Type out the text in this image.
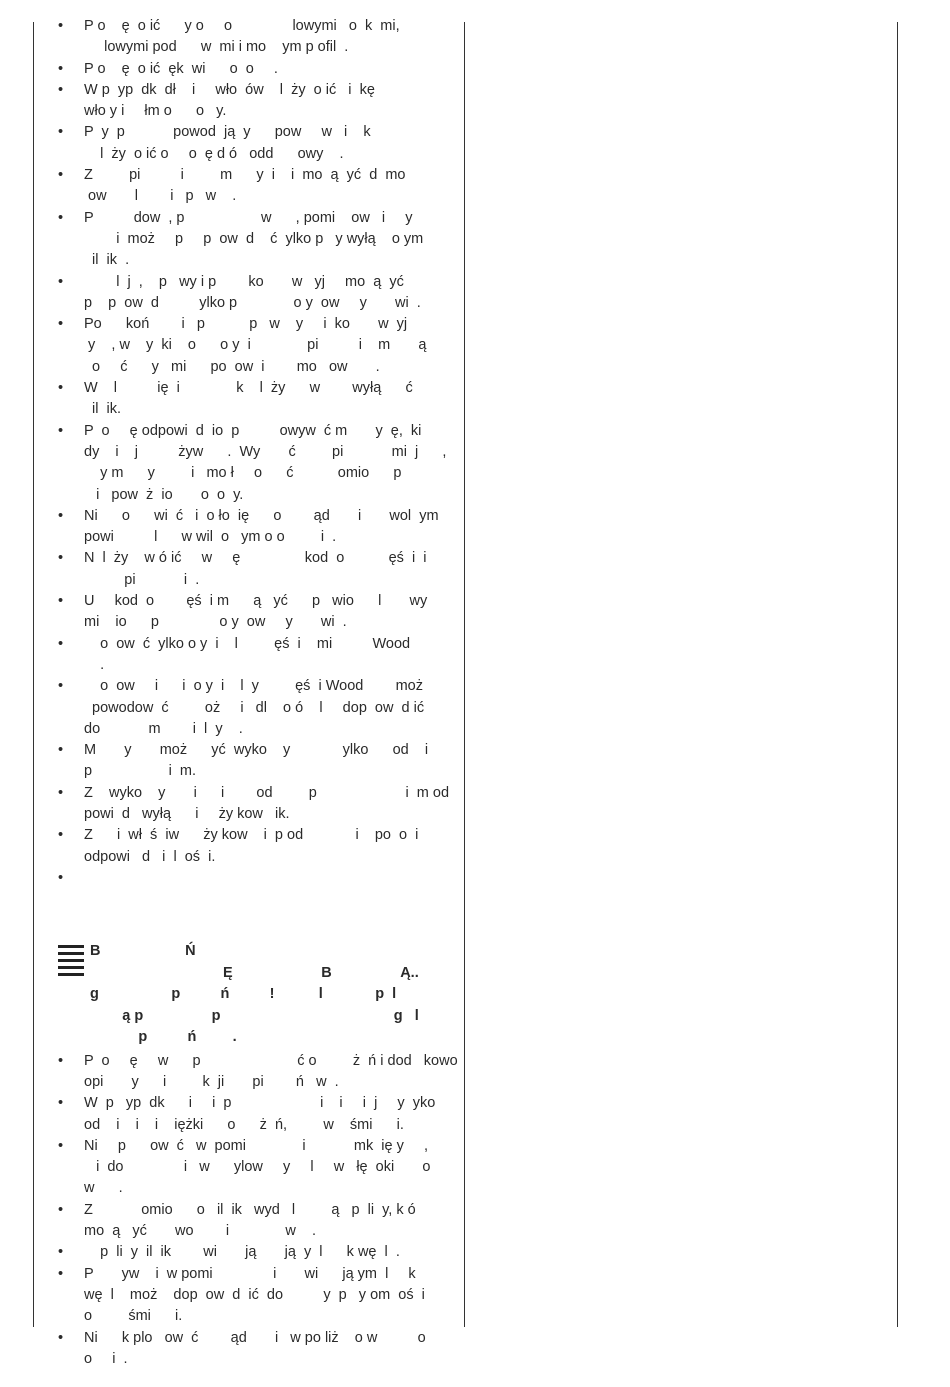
• P o    ę  o ić      y o     o               lowymi   o  k  mi,
lowymi pod      w  mi i mo    ym p ofil  .
• P o    ę  o ić  ęk  wi      o  o     .
• W p  yp  dk  dł    i     wło  ów    l  ży  o ić   i  kę
wło y i     łm o      o   y.
• P  y  p            powod  ją  y      pow     w   i    k
l  ży  o ić o     o  ę d ó   odd      owy    .
• Z         pi          i         m      y  i    i  mo  ą  yć  d  mo
ow       l        i   p   w    .
• P          dow  , p                   w      , pomi    ow   i     y
i  moż     p     p  ow  d    ć  ylko p   y wyłą    o ym
il  ik  .
•         l  j  ,    p   wy i p        ko       w   yj     mo  ą  yć
p    p  ow  d          ylko p              o y  ow     y       wi  .
• Po      koń        i   p           p   w    y     i  ko       w  yj
y    , w    y  ki    o      o y  i              pi          i    m       ą
o     ć      y   mi      po  ow  i        mo   ow       .
• W    l          ię  i              k    l  ży      w        wyłą      ć
il  ik.
• P  o     ę odpowi  d  io  p          owyw  ć m       y  ę,  ki
dy    i    j          żyw      .  Wy       ć         pi            mi  j      ,
y m      y         i   mo ł     o      ć           omio      p
i   pow  ż  io       o  o  y.
• Ni      o      wi  ć   i  o ło  ię      o        ąd       i       wol  ym
powi          l      w wil  o   ym o o         i  .
• N  l  ży    w ó ić     w     ę                kod  o           ęś  i  i
pi            i  .
• U     kod  o        ęś  i m      ą   yć      p   wio      l       wy
mi    io      p               o y  ow     y       wi  .
•     o  ow  ć  ylko o y  i    l         ęś  i    mi          Wood
.
•     o  ow     i      i  o y  i    l  y         ęś  i Wood        moż
powodow  ć         oż     i   dl    o ó    l     dop  ow  d ić
do            m        i  l  y    .
• M       y       moż      yć  wyko    y             ylko      od    i
p                   i  m.
• Z    wyko    y       i      i        od         p                      i  m od
powi  d   wyłą      i     ży kow   ik.
• Z      i  wł  ś  iw      ży kow    i  p od             i    po  o  i
odpowi   d   i  l  oś  i.
•

B                     Ń
Ę                      B                 Ą..
g                  p          ń          !           l             p  l
ą p                 p                                           g   l
p          ń         .
• P  o     ę     w      p                        ć o         ż  ń i dod   kowo
opi       y      i         k  ji       pi        ń   w  .
• W  p   yp  dk      i     i  p                      i    i     i  j     y  yko
od    i    i    i    iężki      o      ż  ń,         w    śmi      i.
• Ni     p      ow  ć   w  pomi              i            mk  ię y     ,
i  do               i   w      ylow     y     l     w   łę  oki       o
w      .
• Z            omio      o   il  ik   wyd   l         ą   p  li  y, k ó
mo  ą   yć       wo        i              w    .
•     p  li  y  il  ik        wi       ją       ją  y  l      k wę  l  .
• P       yw    i  w pomi               i       wi      ją ym  l     k
wę  l    moż    dop  ow  d  ić  do          y  p   y om  oś  i
o         śmi      i.
• Ni      k plo   ow  ć        ąd       i   w po liż    o w          o
o     i  .
